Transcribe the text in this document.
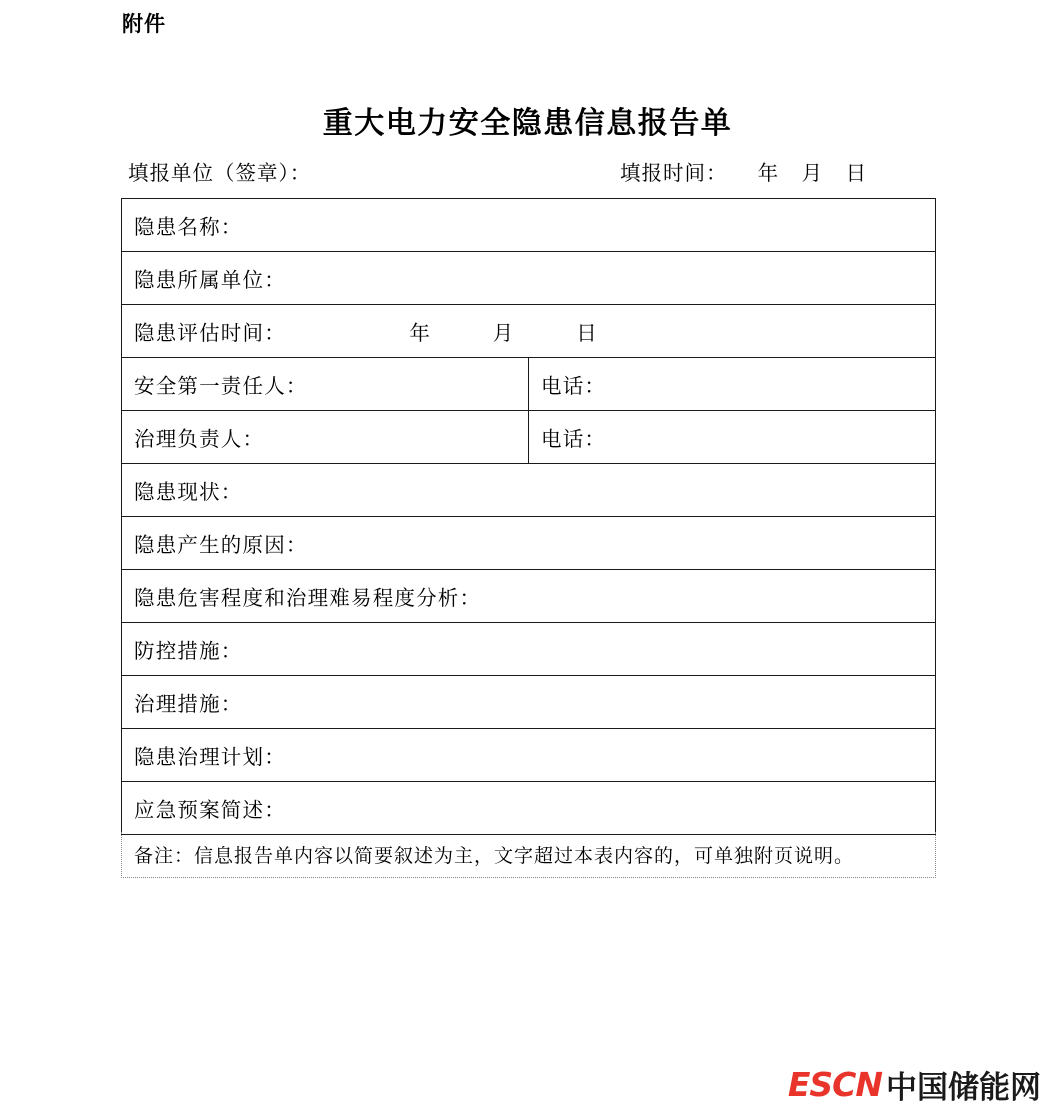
附件
重大电力安全隐患信息报告单
填报单位（签章）：	填报时间：    年   月   日
隐患名称：	
隐患所属单位：	
隐患评估时间：                年        月        日	
安全第一责任人：	电话：
治理负责人：	电话：
隐患现状：	
隐患产生的原因：	
隐患危害程度和治理难易程度分析：	
防控措施：	
治理措施：	
隐患治理计划：	
应急预案简述：	
备注：信息报告单内容以简要叙述为主，文字超过本表内容的，可单独附页说明。
ESCN 中国储能网
